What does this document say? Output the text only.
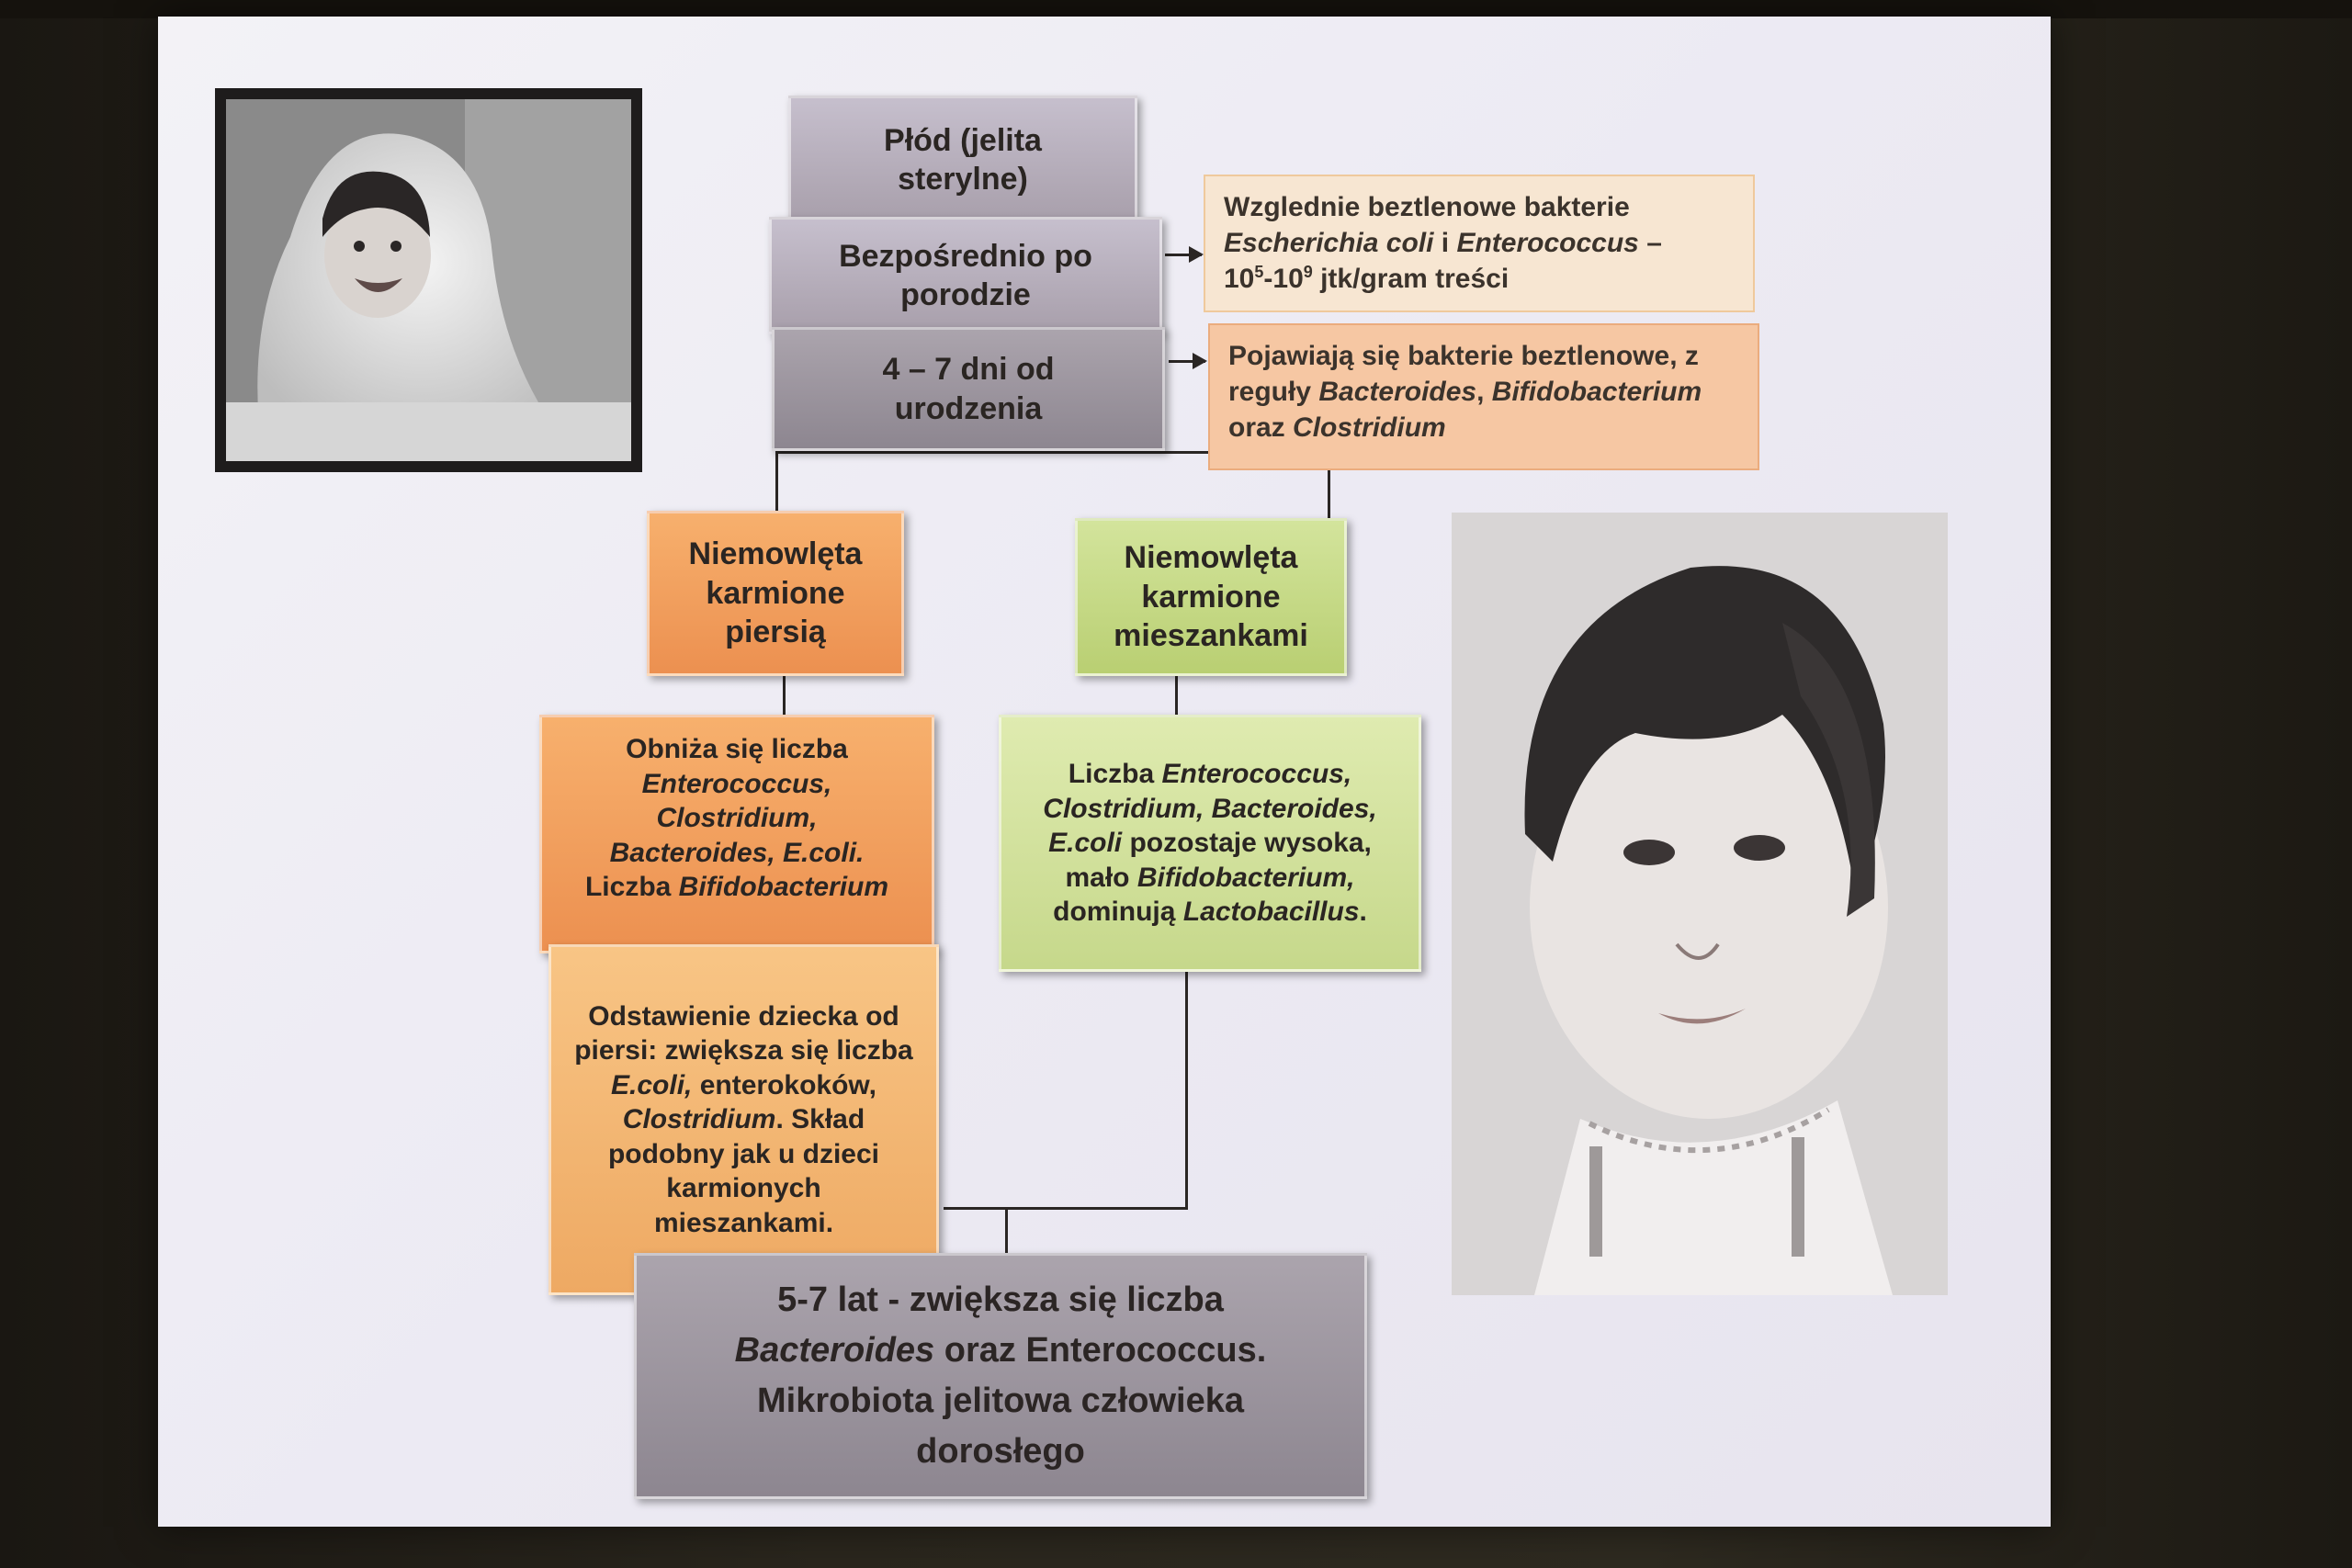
Płód (jelita sterylne)
Bezpośrednio po porodzie
4 – 7 dni od urodzenia
Wzglednie beztlenowe bakterie
Escherichia coli i Enterococcus –
$10^5-10^9$ jtk/gram treści
Pojawiają się bakterie beztlenowe, z reguły Bacteroides, Bifidobacterium oraz Clostridium
Niemowlęta karmione piersią
Niemowlęta karmione mieszankami
Obniża się liczba
Enterococcus,
Clostridium,
Bacteroides, E.coli.
Liczba Bifidobacterium
Odstawienie dziecka od piersi: zwiększa się liczba E.coli, enterokoków, Clostridium. Skład podobny jak u dzieci karmionych mieszankami.
Liczba Enterococcus, Clostridium, Bacteroides, E.coli pozostaje wysoka, mało Bifidobacterium, dominują Lactobacillus.
5-7 lat - zwiększa się liczba
Bacteroides oraz Enterococcus.
Mikrobiota jelitowa człowieka dorosłego
